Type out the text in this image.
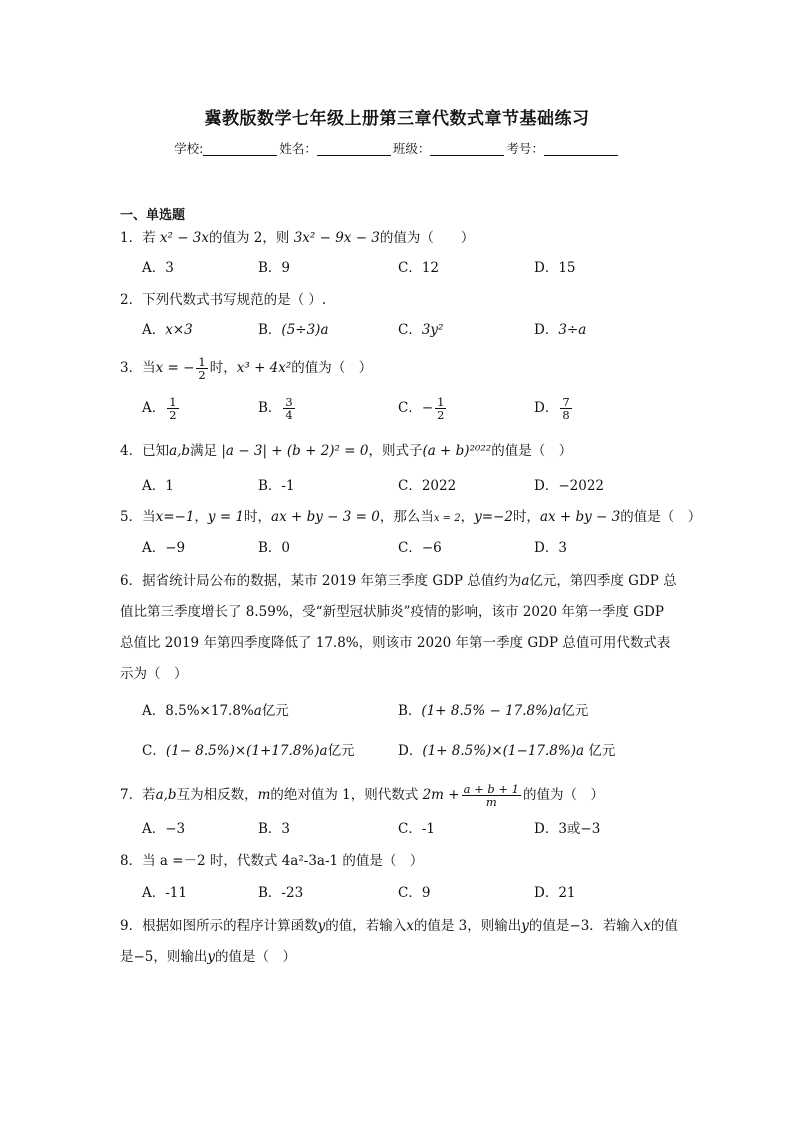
冀教版数学七年级上册第三章代数式章节基础练习
学校:	姓名：	班级：	考号：
一、单选题
1．若 x² − 3x的值为 2，则 3x² − 9x − 3的值为（　　）
A．3	B．9	C．12	D．15
2．下列代数式书写规范的是（ ）.
A．x×3	B．(5÷3)a	C．3y²	D．3÷a
3．当x = − $\frac{1}{2}$ 时，x³ + 4x²的值为（　）
A． $\frac{1}{2}$	B． $\frac{3}{4}$	C．− $\frac{1}{2}$	D． $\frac{7}{8}$
4．已知a,b满足 |a − 3| + (b + 2)² = 0，则式子(a + b)²⁰²²的值是（　）
A．1	B．-1	C．2022	D．−2022
5．当x=−1，y = 1时，ax + by − 3 = 0，那么当x = 2，y=−2时，ax + by − 3的值是（　）
A．−9	B．0	C．−6	D．3
6．据省统计局公布的数据，某市 2019 年第三季度 GDP 总值约为a亿元，第四季度 GDP 总值比第三季度增长了 8.59%，受“新型冠状肺炎”疫情的影响，该市 2020 年第一季度 GDP 总值比 2019 年第四季度降低了 17.8%，则该市 2020 年第一季度 GDP 总值可用代数式表示为（　）
A．8.5%×17.8%a亿元	B．(1+ 8.5% − 17.8%)a亿元
C．(1− 8.5%)×(1+17.8%)a亿元	D．(1+ 8.5%)×(1−17.8%)a 亿元
7．若a,b互为相反数，m的绝对值为 1，则代数式 $2m + \frac{a + b + 1}{m}$ 的值为（　）
A．−3	B．3	C．-1	D．3或−3
8．当 a =－2 时，代数式 4a²-3a-1 的值是（　）
A．-11	B．-23	C．9	D．21
9．根据如图所示的程序计算函数y的值，若输入x的值是 3，则输出y的值是−3．若输入x的值是−5，则输出y的值是（　）
